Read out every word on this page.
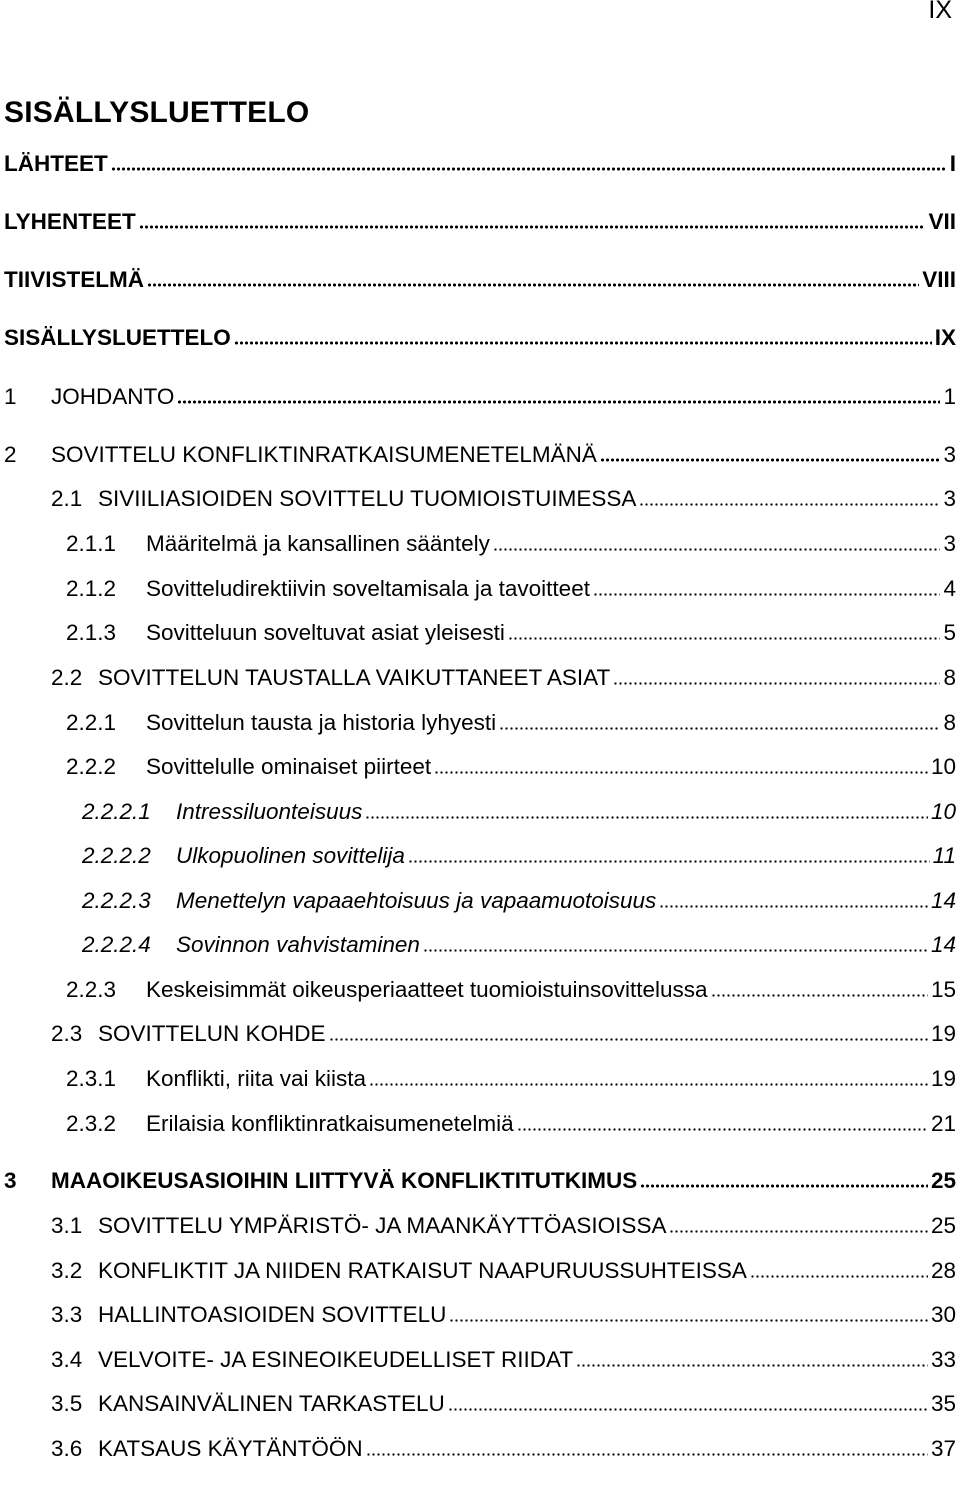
IX
SISÄLLYSLUETTELO
LÄHTEET	I
LYHENTEET	VII
TIIVISTELMÄ	VIII
SISÄLLYSLUETTELO	IX
1	JOHDANTO	1
2	SOVITTELU KONFLIKTINRATKAISUMENETELMÄNÄ	3
2.1 SIVIILIASIOIDEN SOVITTELU TUOMIOISTUIMESSA	3
2.1.1	Määritelmä ja kansallinen sääntely	3
2.1.2	Sovitteludirektiivin soveltamisala ja tavoitteet	4
2.1.3	Sovitteluun soveltuvat asiat yleisesti	5
2.2 SOVITTELUN TAUSTALLA VAIKUTTANEET ASIAT	8
2.2.1	Sovittelun tausta ja historia lyhyesti	8
2.2.2	Sovittelulle ominaiset piirteet	10
2.2.2.1	Intressiluonteisuus	10
2.2.2.2	Ulkopuolinen sovittelija	11
2.2.2.3	Menettelyn vapaaehtoisuus ja vapaamuotoisuus	14
2.2.2.4	Sovinnon vahvistaminen	14
2.2.3	Keskeisimmät oikeusperiaatteet tuomioistuinsovittelussa	15
2.3 SOVITTELUN KOHDE	19
2.3.1	Konflikti, riita vai kiista	19
2.3.2	Erilaisia konfliktinratkaisumenetelmiä	21
3	MAAOIKEUSASIOIHIN LIITTYVÄ KONFLIKTITUTKIMUS	25
3.1 SOVITTELU YMPÄRISTÖ- JA MAANKÄYTTÖASIOISSA	25
3.2 KONFLIKTIT JA NIIDEN RATKAISUT NAAPURUUSSUHTEISSA	28
3.3 HALLINTOASIOIDEN SOVITTELU	30
3.4 VELVOITE- JA ESINEOIKEUDELLISET RIIDAT	33
3.5 KANSAINVÄLINEN TARKASTELU	35
3.6 KATSAUS KÄYTÄNTÖÖN	37
